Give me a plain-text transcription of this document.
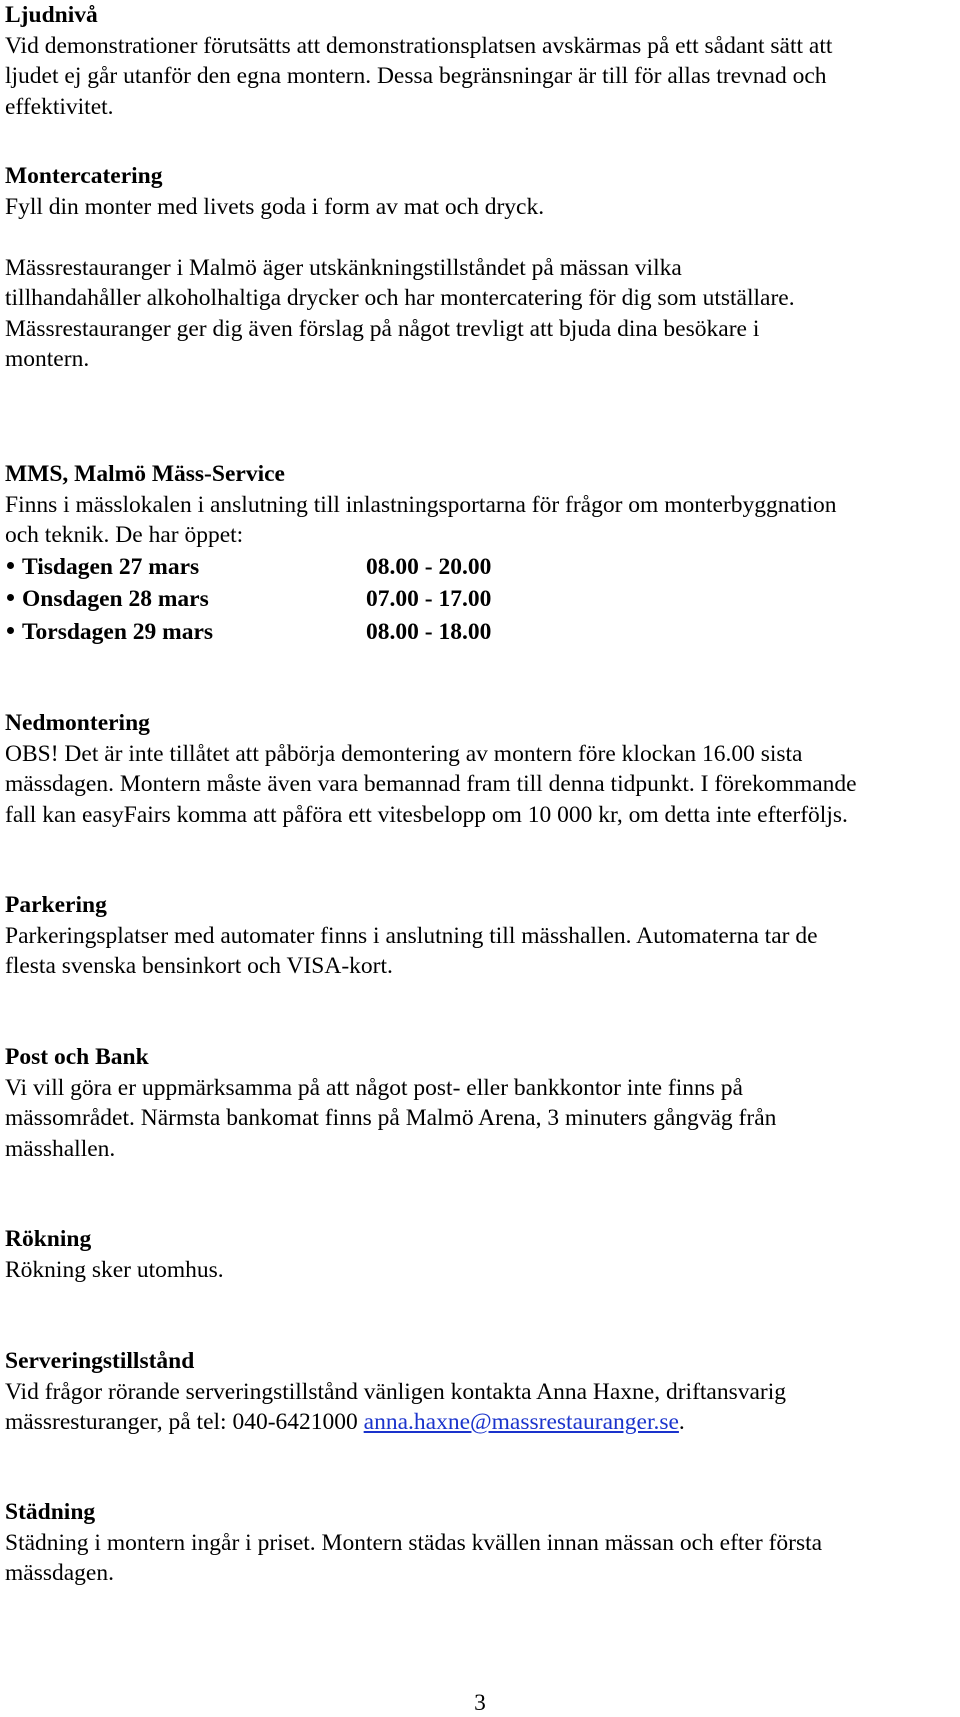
Ljudnivå

Vid demonstrationer förutsätts att demonstrationsplatsen avskärmas på ett sådant sätt att

ljudet ej går utanför den egna montern. Dessa begränsningar är till för allas trevnad och

effektivitet.

Montercatering

Fyll din monter med livets goda i form av mat och dryck.

Mässrestauranger i Malmö äger utskänkningstillståndet på mässan vilka

tillhandahåller alkoholhaltiga drycker och har montercatering för dig som utställare.

Mässrestauranger ger dig även förslag på något trevligt att bjuda dina besökare i

montern.

MMS, Malmö Mäss-Service

Finns i mässlokalen i anslutning till inlastningsportarna för frågor om monterbyggnation

och teknik. De har öppet:

Tisdagen 27 mars	08.00 - 20.00
Onsdagen 28 mars	07.00 - 17.00
Torsdagen 29 mars	08.00 - 18.00
Nedmontering

OBS! Det är inte tillåtet att påbörja demontering av montern före klockan 16.00 sista

mässdagen. Montern måste även vara bemannad fram till denna tidpunkt. I förekommande

fall kan easyFairs komma att påföra ett vitesbelopp om 10 000 kr, om detta inte efterföljs.

Parkering

Parkeringsplatser med automater finns i anslutning till mässhallen. Automaterna tar de

flesta svenska bensinkort och VISA-kort.

Post och Bank

Vi vill göra er uppmärksamma på att något post- eller bankkontor inte finns på

mässområdet. Närmsta bankomat finns på Malmö Arena, 3 minuters gångväg från

mässhallen.

Rökning

Rökning sker utomhus.

Serveringstillstånd

Vid frågor rörande serveringstillstånd vänligen kontakta Anna Haxne, driftansvarig

mässresturanger, på tel: 040-6421000 anna.haxne@massrestauranger.se.

Städning

Städning i montern ingår i priset. Montern städas kvällen innan mässan och efter första

mässdagen.

3
